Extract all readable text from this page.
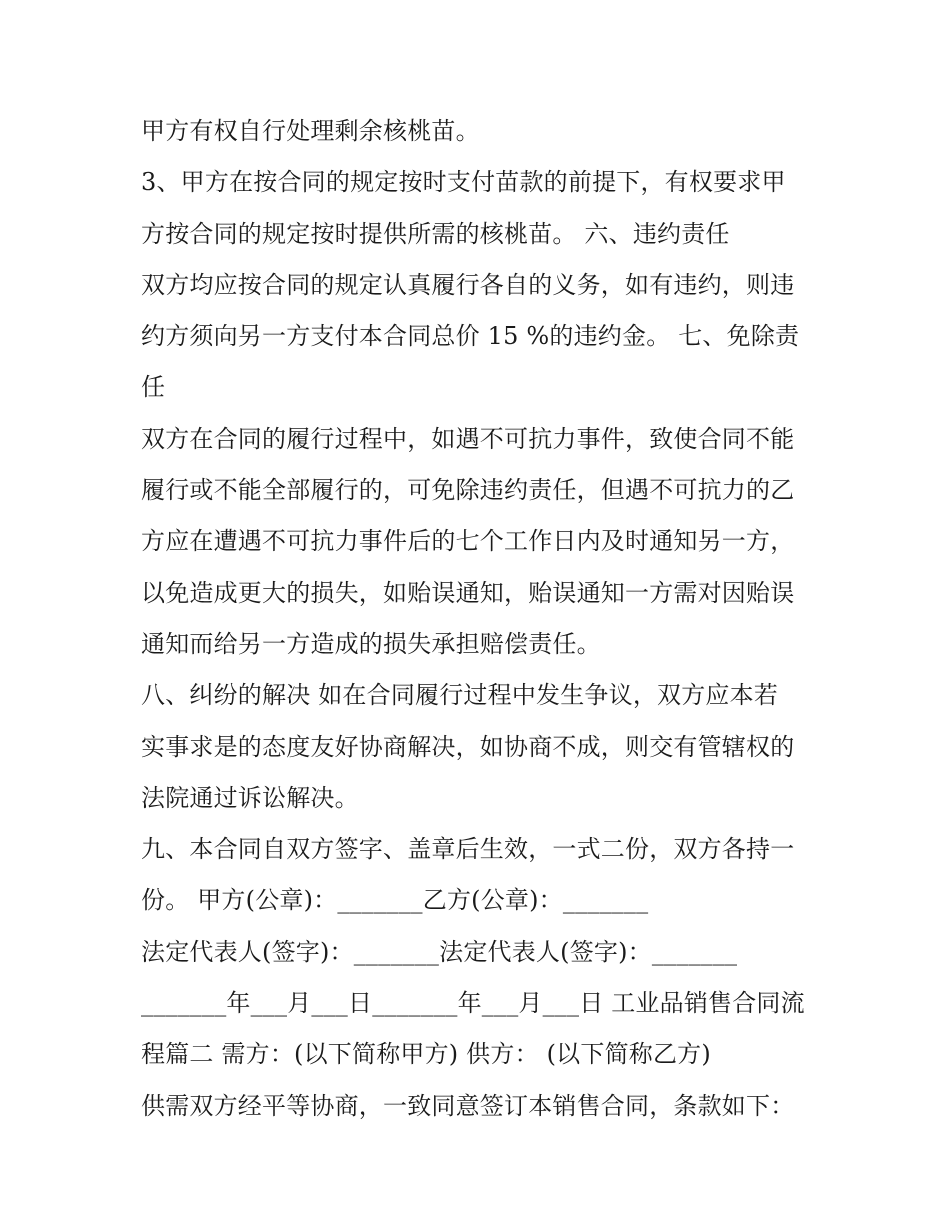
甲方有权自行处理剩余核桃苗。
3、甲方在按合同的规定按时支付苗款的前提下，有权要求甲
方按合同的规定按时提供所需的核桃苗。 六、违约责任
双方均应按合同的规定认真履行各自的义务，如有违约，则违
约方须向另一方支付本合同总价 15 %的违约金。 七、免除责
任
双方在合同的履行过程中，如遇不可抗力事件，致使合同不能
履行或不能全部履行的，可免除违约责任，但遇不可抗力的乙
方应在遭遇不可抗力事件后的七个工作日内及时通知另一方，
以免造成更大的损失，如贻误通知，贻误通知一方需对因贻误
通知而给另一方造成的损失承担赔偿责任。
八、纠纷的解决 如在合同履行过程中发生争议，双方应本若
实事求是的态度友好协商解决，如协商不成，则交有管辖权的
法院通过诉讼解决。
九、本合同自双方签字、盖章后生效，一式二份，双方各持一
份。 甲方(公章)：_______乙方(公章)：_______
法定代表人(签字)：_______法定代表人(签字)：_______
_______年___月___日_______年___月___日 工业品销售合同流
程篇二 需方：(以下简称甲方) 供方： (以下简称乙方)
供需双方经平等协商，一致同意签订本销售合同，条款如下：
